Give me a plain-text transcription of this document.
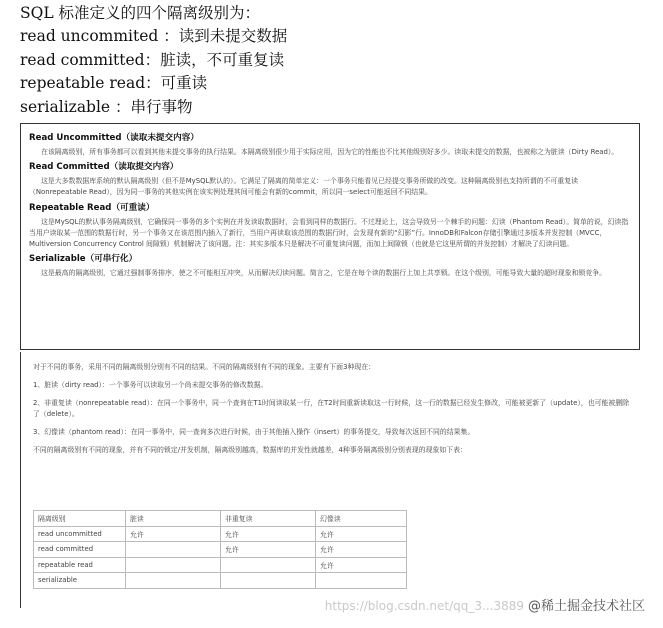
SQL 标准定义的四个隔离级别为：
read uncommited ：读到未提交数据
read committed：脏读，不可重复读
repeatable read：可重读
serializable ：串行事物
Read Uncommitted（读取未提交内容）
在该隔离级别，所有事务都可以看到其他未提交事务的执行结果。本隔离级别很少用于实际应用，因为它的性能也不比其他级别好多少。读取未提交的数据，也被称之为脏读（Dirty Read）。
Read Committed（读取提交内容）
这是大多数数据库系统的默认隔离级别（但不是MySQL默认的）。它满足了隔离的简单定义：一个事务只能看见已经提交事务所做的改变。这种隔离级别也支持所谓的不可重复读（Nonrepeatable Read），因为同一事务的其他实例在该实例处理其间可能会有新的commit，所以同一select可能返回不同结果。
Repeatable Read（可重读）
这是MySQL的默认事务隔离级别，它确保同一事务的多个实例在并发读取数据时，会看到同样的数据行。不过理论上，这会导致另一个棘手的问题：幻读（Phantom Read）。简单的说，幻读指当用户读取某一范围的数据行时，另一个事务又在该范围内插入了新行，当用户再读取该范围的数据行时，会发现有新的“幻影”行。InnoDB和Falcon存储引擎通过多版本并发控制（MVCC，Multiversion Concurrency Control 间隙锁）机制解决了该问题。注：其实多版本只是解决不可重复读问题，而加上间隙锁（也就是它这里所谓的并发控制）才解决了幻读问题。
Serializable（可串行化）
这是最高的隔离级别，它通过强制事务排序，使之不可能相互冲突，从而解决幻读问题。简言之，它是在每个读的数据行上加上共享锁。在这个级别，可能导致大量的超时现象和锁竞争。

对于不同的事务，采用不同的隔离级别分别有不同的结果。不同的隔离级别有不同的现象。主要有下面3种现在：

1、脏读（dirty read）：一个事务可以读取另一个尚未提交事务的修改数据。

2、非重复读（nonrepeatable read）：在同一个事务中，同一个查询在T1时间读取某一行，在T2时间重新读取这一行时候，这一行的数据已经发生修改，可能被更新了（update），也可能被删除了（delete）。

3、幻像读（phantom read）：在同一事务中，同一查询多次进行时候，由于其他插入操作（insert）的事务提交，导致每次返回不同的结果集。

不同的隔离级别有不同的现象，并有不同的锁定/并发机制，隔离级别越高，数据库的并发性就越差，4种事务隔离级别分别表现的现象如下表：

隔离级别	脏读	非重复读	幻像读
read uncommitted	允许	允许	允许
read committed		允许	允许
repeatable read			允许
serializable			
https://blog.csdn.net/qq_3...3889 @稀土掘金技术社区
